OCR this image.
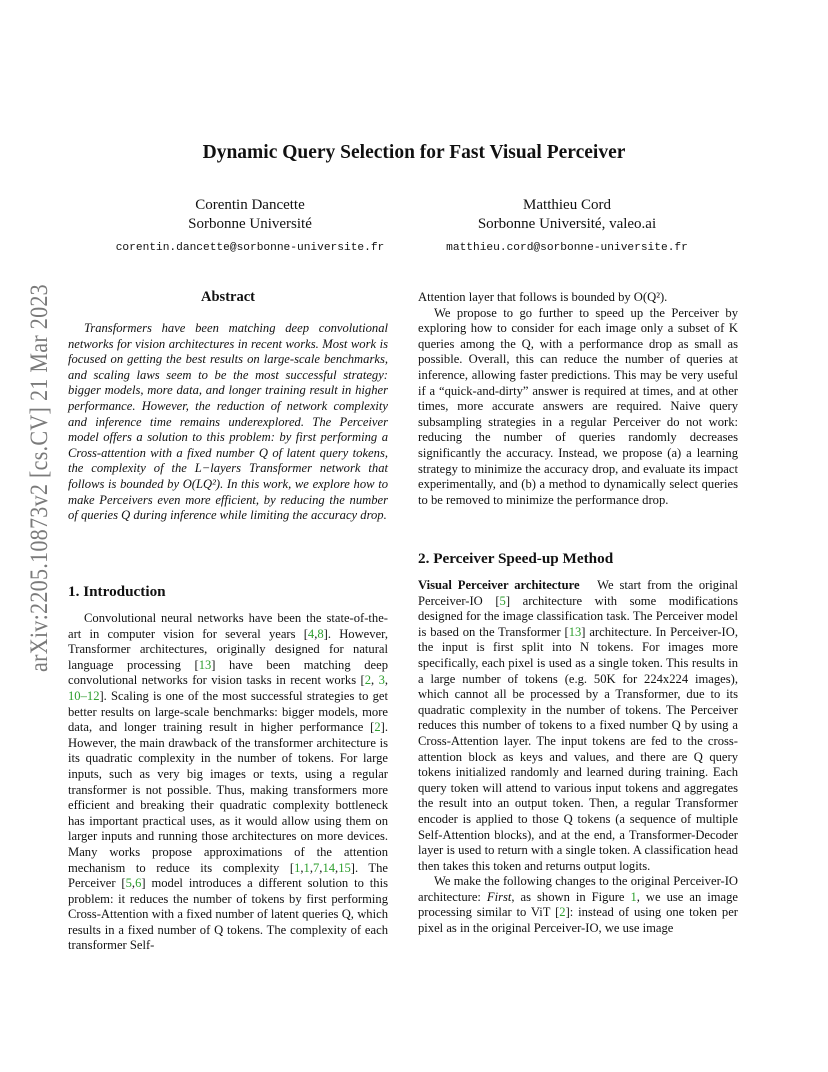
arXiv:2205.10873v2 [cs.CV] 21 Mar 2023
Dynamic Query Selection for Fast Visual Perceiver
Corentin Dancette
Sorbonne Université
corentin.dancette@sorbonne-universite.fr
Matthieu Cord
Sorbonne Université, valeo.ai
matthieu.cord@sorbonne-universite.fr
Abstract

Transformers have been matching deep convolutional networks for vision architectures in recent works. Most work is focused on getting the best results on large-scale benchmarks, and scaling laws seem to be the most successful strategy: bigger models, more data, and longer training result in higher performance. However, the reduction of network complexity and inference time remains underexplored. The Perceiver model offers a solution to this problem: by first performing a Cross-attention with a fixed number Q of latent query tokens, the complexity of the L−layers Transformer network that follows is bounded by O(LQ²). In this work, we explore how to make Perceivers even more efficient, by reducing the number of queries Q during inference while limiting the accuracy drop.

1. Introduction

Convolutional neural networks have been the state-of-the-art in computer vision for several years [4,8]. However, Transformer architectures, originally designed for natural language processing [13] have been matching deep convolutional networks for vision tasks in recent works [2, 3, 10–12]. Scaling is one of the most successful strategies to get better results on large-scale benchmarks: bigger models, more data, and longer training result in higher performance [2]. However, the main drawback of the transformer architecture is its quadratic complexity in the number of tokens. For large inputs, such as very big images or texts, using a regular transformer is not possible. Thus, making transformers more efficient and breaking their quadratic complexity bottleneck has important practical uses, as it would allow using them on larger inputs and running those architectures on more devices. Many works propose approximations of the attention mechanism to reduce its complexity [1,1,7,14,15]. The Perceiver [5,6] model introduces a different solution to this problem: it reduces the number of tokens by first performing Cross-Attention with a fixed number of latent queries Q, which results in a fixed number of Q tokens. The complexity of each transformer Self-

Attention layer that follows is bounded by O(Q²).

We propose to go further to speed up the Perceiver by exploring how to consider for each image only a subset of K queries among the Q, with a performance drop as small as possible. Overall, this can reduce the number of queries at inference, allowing faster predictions. This may be very useful if a “quick-and-dirty” answer is required at times, and at other times, more accurate answers are required. Naive query subsampling strategies in a regular Perceiver do not work: reducing the number of queries randomly decreases significantly the accuracy. Instead, we propose (a) a learning strategy to minimize the accuracy drop, and evaluate its impact experimentally, and (b) a method to dynamically select queries to be removed to minimize the performance drop.

2. Perceiver Speed-up Method

Visual Perceiver architecture We start from the original Perceiver-IO [5] architecture with some modifications designed for the image classification task. The Perceiver model is based on the Transformer [13] architecture. In Perceiver-IO, the input is first split into N tokens. For images more specifically, each pixel is used as a single token. This results in a large number of tokens (e.g. 50K for 224x224 images), which cannot all be processed by a Transformer, due to its quadratic complexity in the number of tokens. The Perceiver reduces this number of tokens to a fixed number Q by using a Cross-Attention layer. The input tokens are fed to the cross-attention block as keys and values, and there are Q query tokens initialized randomly and learned during training. Each query token will attend to various input tokens and aggregates the result into an output token. Then, a regular Transformer encoder is applied to those Q tokens (a sequence of multiple Self-Attention blocks), and at the end, a Transformer-Decoder layer is used to return with a single token. A classification head then takes this token and returns output logits.

We make the following changes to the original Perceiver-IO architecture: First, as shown in Figure 1, we use an image processing similar to ViT [2]: instead of using one token per pixel as in the original Perceiver-IO, we use image
